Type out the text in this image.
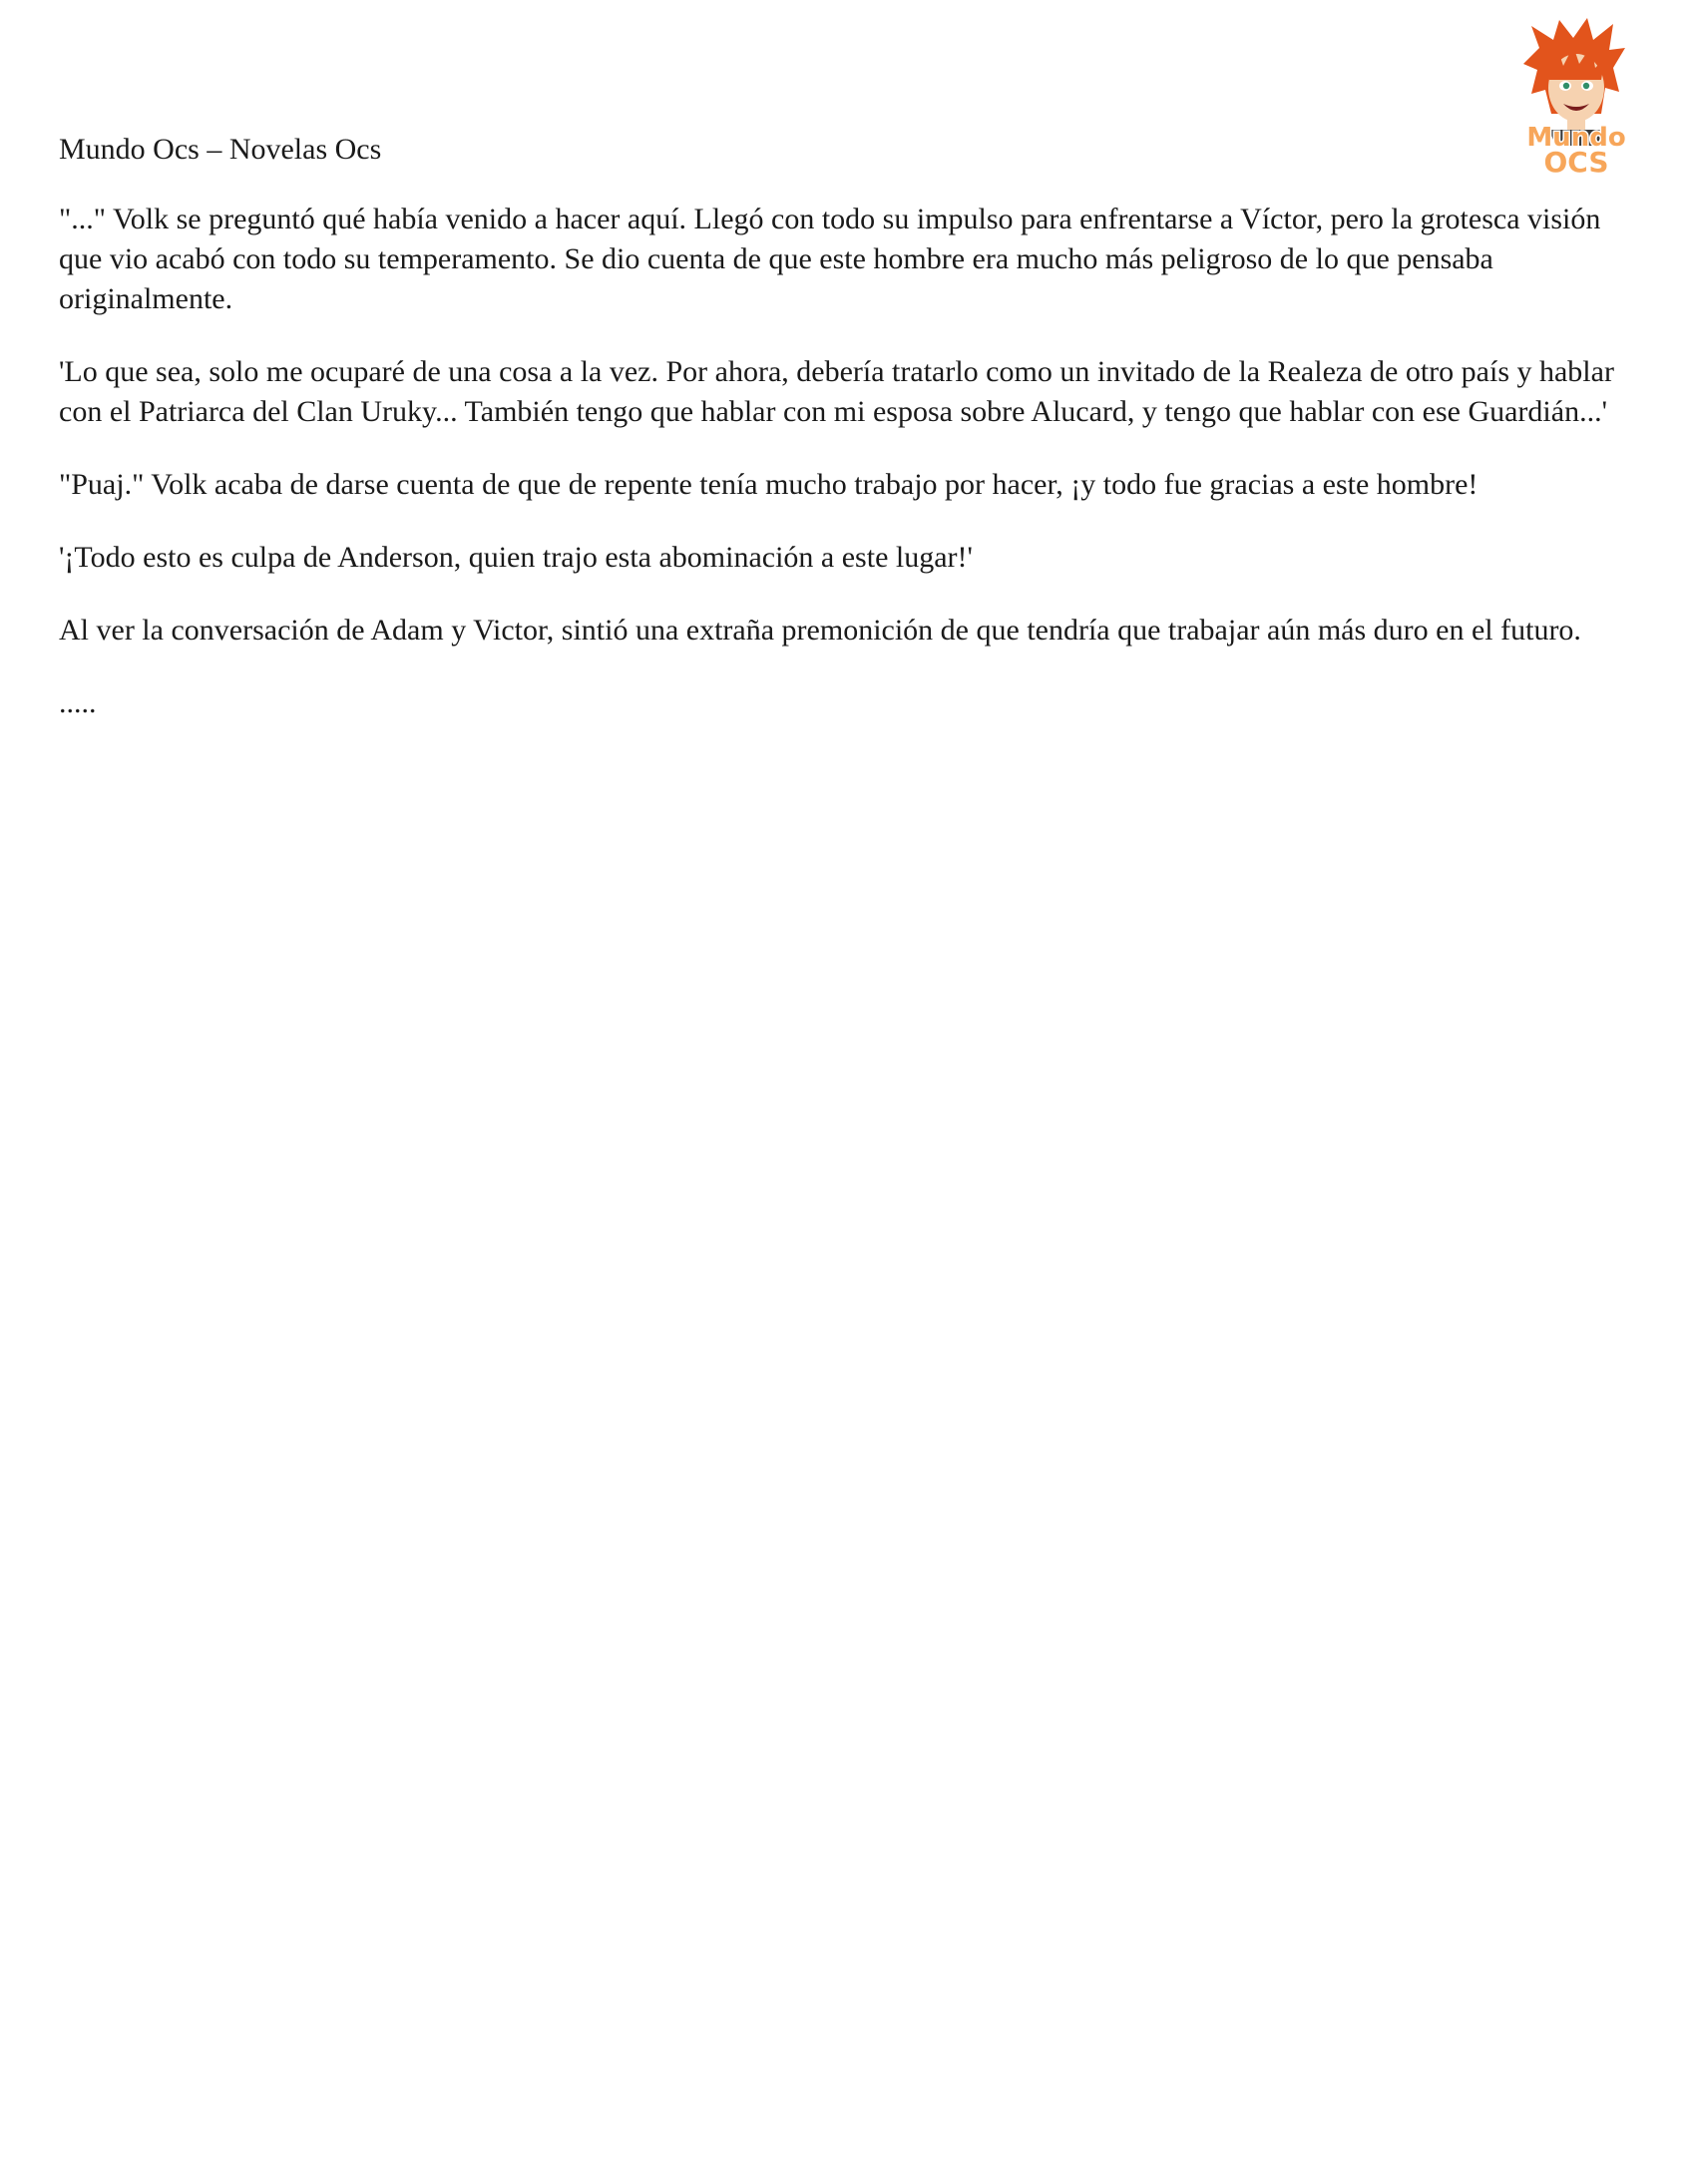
Mundo
OCS

Mundo Ocs – Novelas Ocs

"..." Volk se preguntó qué había venido a hacer aquí. Llegó con todo su impulso para enfrentarse a Víctor, pero la grotesca visión que vio acabó con todo su temperamento. Se dio cuenta de que este hombre era mucho más peligroso de lo que pensaba originalmente.

'Lo que sea, solo me ocuparé de una cosa a la vez. Por ahora, debería tratarlo como un invitado de la Realeza de otro país y hablar con el Patriarca del Clan Uruky... También tengo que hablar con mi esposa sobre Alucard, y tengo que hablar con ese Guardián...'

"Puaj." Volk acaba de darse cuenta de que de repente tenía mucho trabajo por hacer, ¡y todo fue gracias a este hombre!

'¡Todo esto es culpa de Anderson, quien trajo esta abominación a este lugar!'

Al ver la conversación de Adam y Victor, sintió una extraña premonición de que tendría que trabajar aún más duro en el futuro.

.....
